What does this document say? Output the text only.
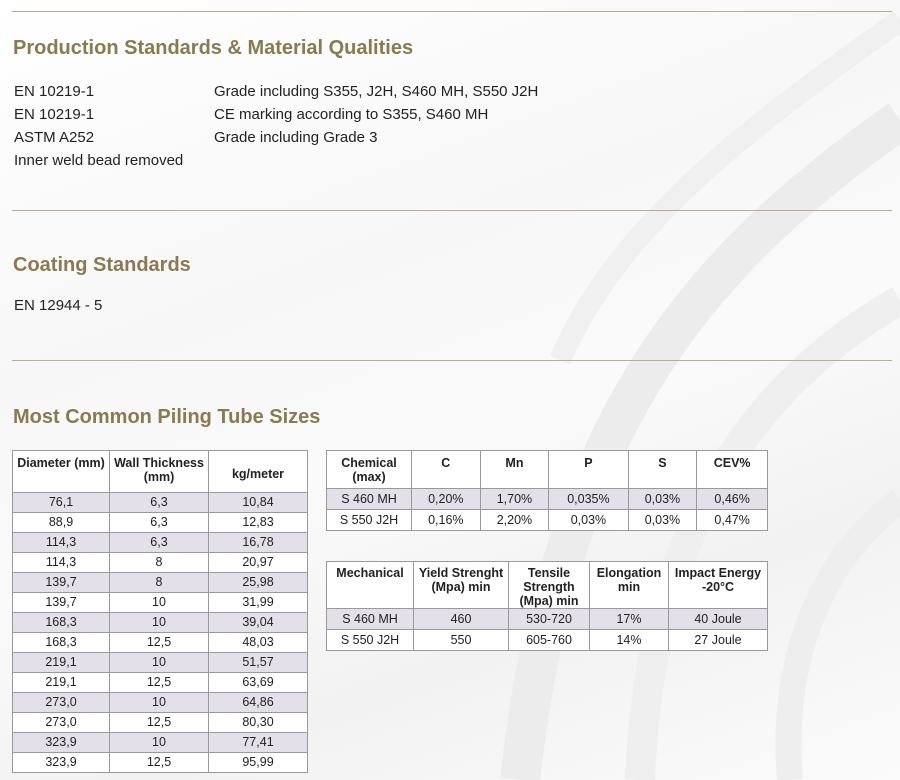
Production Standards & Material Qualities
EN 10219-1	Grade including S355, J2H, S460 MH, S550 J2H
EN 10219-1	CE marking according to S355, S460 MH
ASTM A252	Grade including Grade 3
Inner weld bead removed
Coating Standards
EN 12944 - 5
Most Common Piling Tube Sizes
Diameter (mm)	Wall Thickness (mm)	kg/meter
76,1	6,3	10,84
88,9	6,3	12,83
114,3	6,3	16,78
114,3	8	20,97
139,7	8	25,98
139,7	10	31,99
168,3	10	39,04
168,3	12,5	48,03
219,1	10	51,57
219,1	12,5	63,69
273,0	10	64,86
273,0	12,5	80,30
323,9	10	77,41
323,9	12,5	95,99
Chemical (max)	C	Mn	P	S	CEV%
S 460 MH	0,20%	1,70%	0,035%	0,03%	0,46%
S 550 J2H	0,16%	2,20%	0,03%	0,03%	0,47%
Mechanical	Yield Strenght (Mpa) min	Tensile Strength (Mpa) min	Elongation min	Impact Energy -20°C
S 460 MH	460	530-720	17%	40 Joule
S 550 J2H	550	605-760	14%	27 Joule
